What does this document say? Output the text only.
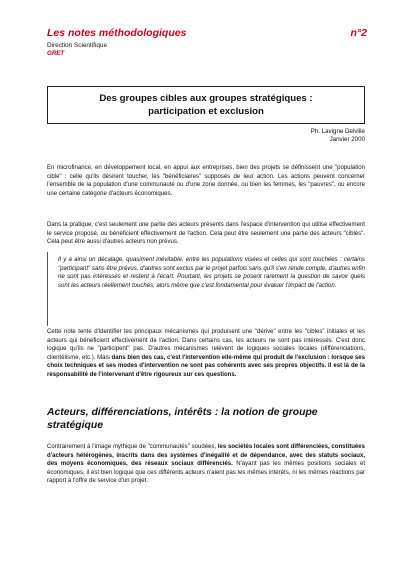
Les notes méthodologiques	n°2
Direction Scientifique
GRET
Des groupes cibles aux groupes stratégiques :
participation et exclusion
Ph. Lavigne Delville
Janvier 2000

En microfinance, en développement local, en appui aux entreprises, bien des projets se définissent une "population cible" : celle qu'ils désirent toucher, les "bénéficiaires" supposés de leur action. Les actions peuvent concerner l'ensemble de la population d'une communauté ou d'une zone donnée, ou bien les femmes, les "pauvres", ou encore une certaine catégorie d'acteurs économiques.

Dans la pratique, c'est seulement une partie des acteurs présents dans l'espace d'intervention qui utilise effectivement le service proposé, ou bénéficient effectivement de l'action. Cela peut être seulement une partie des acteurs "ciblés". Cela peut être aussi d'autres acteurs non prévus.

Il y a ainsi un décalage, quasiment inévitable, entre les populations visées et celles qui sont touchées : certains "participant" sans être prévus, d'autres sont exclus par le projet parfois sans qu'il s'en rende compte, d'autres enfin ne sont pas intéressés et restent à l'écart. Pourtant, les projets se posent rarement la question de savoir quels sont les acteurs réellement touchés, alors même que c'est fondamental pour évaluer l'impact de l'action.

Cette note tente d'identifier les principaux mécanismes qui produisent une "dérive" entre les "cibles" initiales et les acteurs qui bénéficient effectivement de l'action. Dans certains cas, les acteurs ne sont pas intéressés. C'est donc logique qu'ils ne "participent" pas. D'autres mécanismes relèvent de logiques sociales locales (différenciations, clientélisme, etc.). Mais dans bien des cas, c'est l'intervention elle-même qui produit de l'exclusion : lorsque ses choix techniques et ses modes d'intervention ne sont pas cohérents avec ses propres objectifs. Il est là de la responsabilité de l'intervenant d'être rigoureux sur ces questions.

Acteurs, différenciations, intérêts : la notion de groupe stratégique

Contrairement à l'image mythique de "communautés" soudées, les sociétés locales sont différenciées, constituées d'acteurs hétérogènes, inscrits dans des systèmes d'inégalité et de dépendance, avec des statuts sociaux, des moyens économiques, des réseaux sociaux différenciés. N'ayant pas les mêmes positions sociales et économiques, il est bien logique que ces différents acteurs n'aient pas les mêmes intérêts, ni les mêmes réactions par rapport à l'offre de service d'un projet.
